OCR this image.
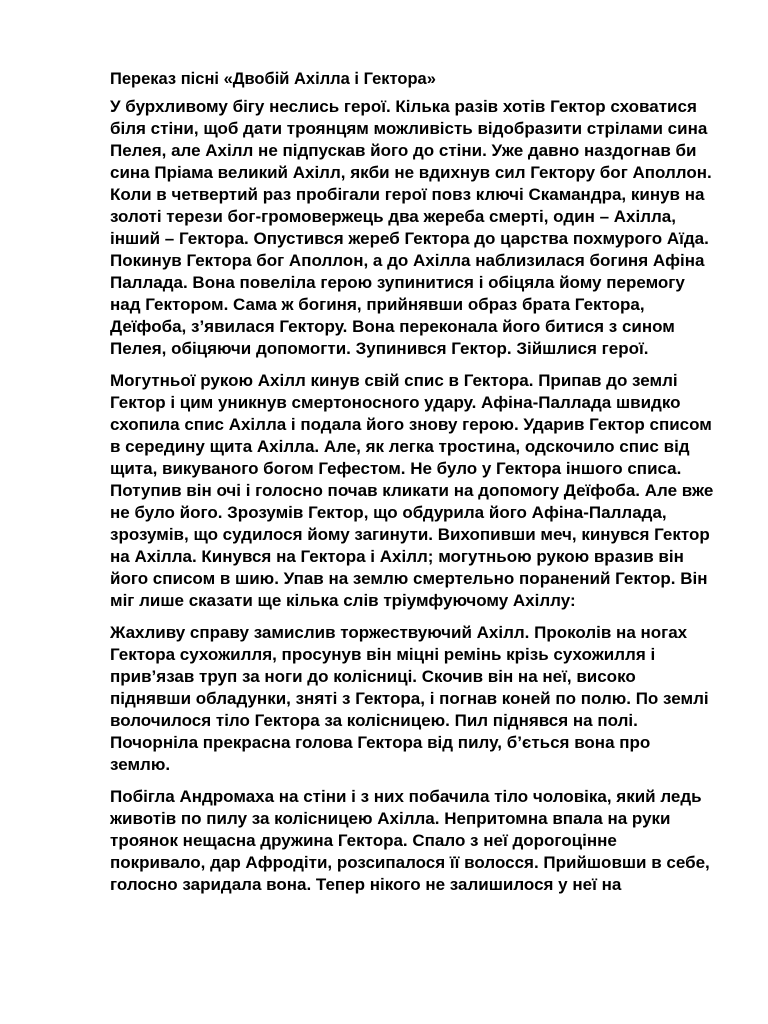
Переказ пісні «Двобій Ахілла і Гектора»

У бурхливому бігу неслись герої. Кілька разів хотів Гектор сховатися біля стіни, щоб дати троянцям можливість відобразити стрілами сина Пелея, але Ахілл не підпускав його до стіни. Уже давно наздогнав би сина Пріама великий Ахілл, якби не вдихнув сил Гектору бог Аполлон. Коли в четвертий раз пробігали герої повз ключі Скамандра, кинув на золоті терези бог-громовержець два жереба смерті, один – Ахілла, інший – Гектора. Опустився жереб Гектора до царства похмурого Аїда. Покинув Гектора бог Аполлон, а до Ахілла наблизилася богиня Афіна Паллада. Вона повеліла герою зупинитися і обіцяла йому перемогу над Гектором. Сама ж богиня, прийнявши образ брата Гектора, Деїфоба, з’явилася Гектору. Вона переконала його битися з сином Пелея, обіцяючи допомогти. Зупинився Гектор. Зійшлися герої.

Могутньої рукою Ахілл кинув свій спис в Гектора. Припав до землі Гектор і цим уникнув смертоносного удару. Афіна-Паллада швидко схопила спис Ахілла і подала його знову герою. Ударив Гектор списом в середину щита Ахілла. Але, як легка тростина, одскочило спис від щита, викуваного богом Гефестом. Не було у Гектора іншого списа. Потупив він очі і голосно почав кликати на допомогу Деїфоба. Але вже не було його. Зрозумів Гектор, що обдурила його Афіна-Паллада, зрозумів, що судилося йому загинути. Вихопивши меч, кинувся Гектор на Ахілла. Кинувся на Гектора і Ахілл; могутньою рукою вразив він його списом в шию. Упав на землю смертельно поранений Гектор. Він міг лише сказати ще кілька слів тріумфуючому Ахіллу:

Жахливу справу замислив торжествуючий Ахілл. Проколів на ногах Гектора сухожилля, просунув він міцні ремінь крізь сухожилля і прив’язав труп за ноги до колісниці. Скочив він на неї, високо піднявши обладунки, зняті з Гектора, і погнав коней по полю. По землі волочилося тіло Гектора за колісницею. Пил піднявся на полі. Почорніла прекрасна голова Гектора від пилу, б’ється вона про землю.

Побігла Андромаха на стіни і з них побачила тіло чоловіка, який ледь животів по пилу за колісницею Ахілла. Непритомна впала на руки троянок нещасна дружина Гектора. Спало з неї дорогоцінне покривало, дар Афродіти, розсипалося її волосся. Прийшовши в себе, голосно заридала вона. Тепер нікого не залишилося у неї на
